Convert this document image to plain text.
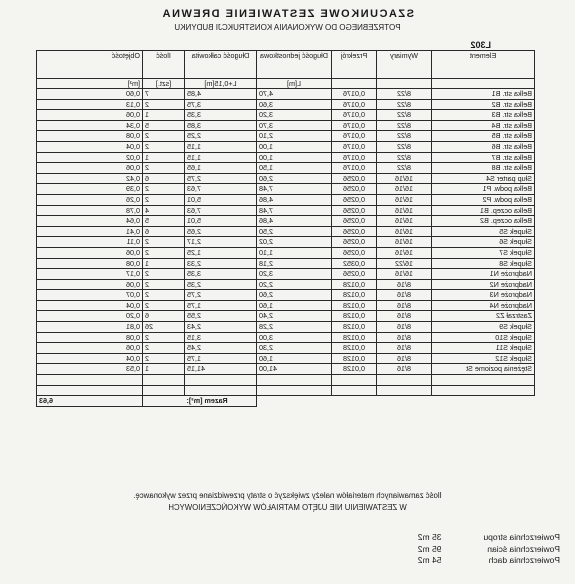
SZACUNKOWE ZESTAWIENIE DREWNA
POTRZEBNEGO DO WYKONANIA KONSTRUKCJI BUDYNKU
L302
Element	Wymiary	Przekrój	Długość jednostkowa	Długość całkowita	Ilość	Objętość
			L[m]	L+0,15[m]	[szt.]	[m³]
Belka str. B1	8/22	0,0176	4,70	4,85	7	0,60
Belka str. B2	8/22	0,0176	3,60	3,75	2	0,13
Belka str. B3	8/22	0,0176	3,20	3,35	1	0,06
Belka str. B4	8/22	0,0176	3,70	3,85	5	0,34
Belka str. B5	8/22	0,0176	2,10	2,25	2	0,08
Belka str. B6	8/22	0,0176	1,00	1,15	2	0,04
Belka str. B7	8/22	0,0176	1,00	1,15	1	0,02
Belka str. B8	8/22	0,0176	1,50	1,65	2	0,06
Słup parter S4	16/16	0,0256	2,60	2,75	6	0,42
Belka podw. P1	16/16	0,0256	7,48	7,63	2	0,39
Belka podw. P2	16/16	0,0256	4,86	5,01	2	0,26
Belka oczep. B1	16/16	0,0256	7,48	7,63	4	0,78
Belka oczep. B2	16/16	0,0256	4,86	5,01	5	0,64
Słupek S5	16/16	0,0256	2,50	2,65	6	0,41
Słupek S6	16/16	0,0256	2,02	2,17	2	0,11
Słupek S7	16/16	0,0256	1,10	1,25	2	0,06
Słupek S8	16/22	0,0352	2,18	2,33	1	0,08
Nadproże N1	16/16	0,0256	3,20	3,35	2	0,17
Nadproże N2	8/16	0,0128	2,20	2,35	2	0,06
Nadproże N3	8/16	0,0128	2,60	2,75	2	0,07
Nadproże N4	8/16	0,0128	1,60	1,75	2	0,04
Zastrzał Z2	8/16	0,0128	2,40	2,55	6	0,20
Słupek S9	8/16	0,0128	2,28	2,43	26	0,81
Słupek S10	8/16	0,0128	3,00	3,15	2	0,08
Słupek S11	8/16	0,0128	2,30	2,45	2	0,06
Słupek S12	8/16	0,0128	1,60	1,75	2	0,04
Stężenia poziome St	8/16	0,0128	41,00	41,15	1	0,53

				Razem [m³]:		6,63
Ilość zamawianych materiałów należy zwiększyć o straty przewidziane przez wykonawcę.
W ZESTAWIENIU NIE UJĘTO MATRIAŁÓW WYKOŃCZENIOWYCH
Powierzchnia stropu35 m2
Powierzchnia ścian95 m2
Powierzchnia dach54 m2
